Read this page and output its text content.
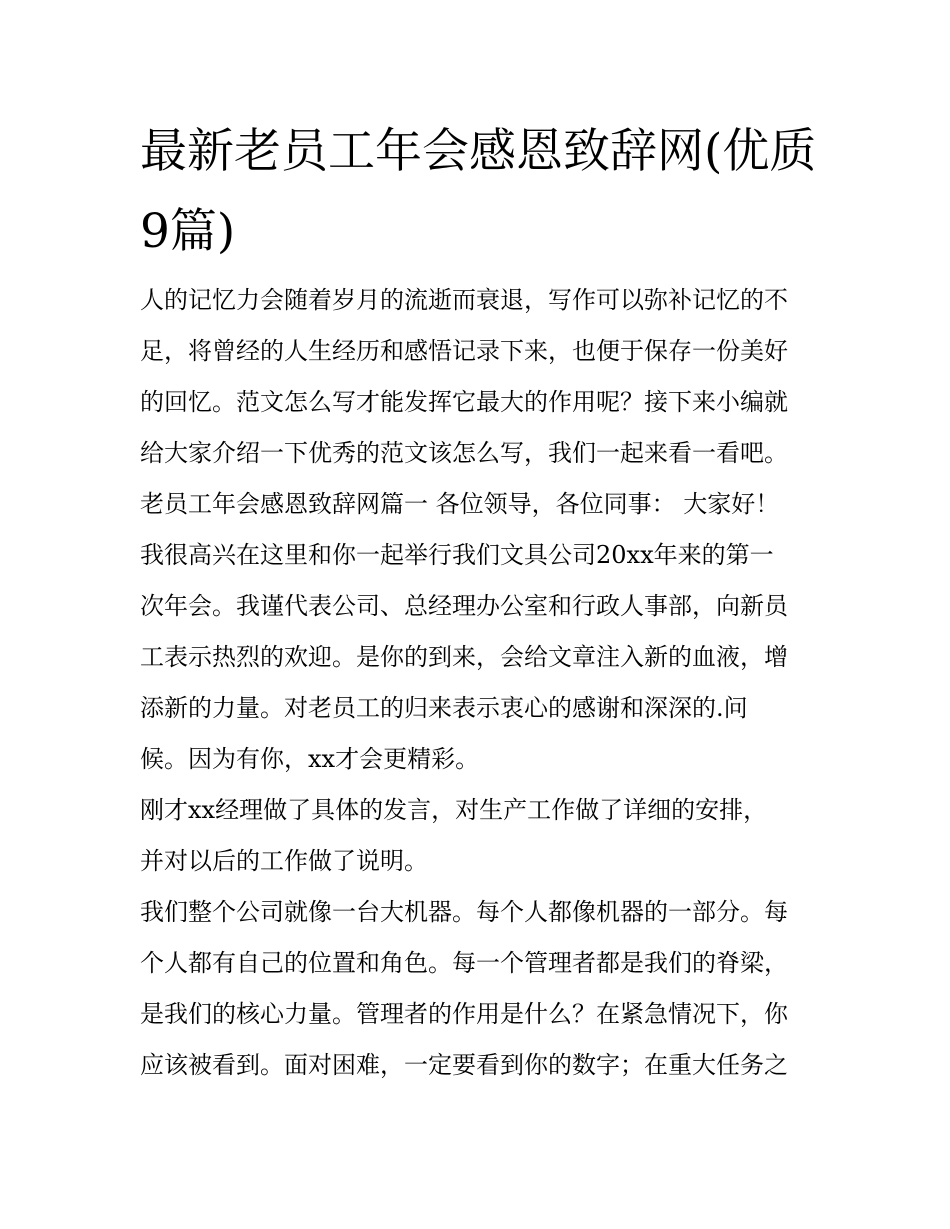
最新老员工年会感恩致辞网(优质9篇)

人的记忆力会随着岁月的流逝而衰退，写作可以弥补记忆的不

足，将曾经的人生经历和感悟记录下来，也便于保存一份美好

的回忆。范文怎么写才能发挥它最大的作用呢？接下来小编就

给大家介绍一下优秀的范文该怎么写，我们一起来看一看吧。

老员工年会感恩致辞网篇一 各位领导，各位同事： 大家好！

我很高兴在这里和你一起举行我们文具公司20xx年来的第一

次年会。我谨代表公司、总经理办公室和行政人事部，向新员

工表示热烈的欢迎。是你的到来，会给文章注入新的血液，增

添新的力量。对老员工的归来表示衷心的感谢和深深的.问

候。因为有你，xx才会更精彩。

刚才xx经理做了具体的发言，对生产工作做了详细的安排，

并对以后的工作做了说明。

我们整个公司就像一台大机器。每个人都像机器的一部分。每

个人都有自己的位置和角色。每一个管理者都是我们的脊梁，

是我们的核心力量。管理者的作用是什么？在紧急情况下，你

应该被看到。面对困难，一定要看到你的数字；在重大任务之
